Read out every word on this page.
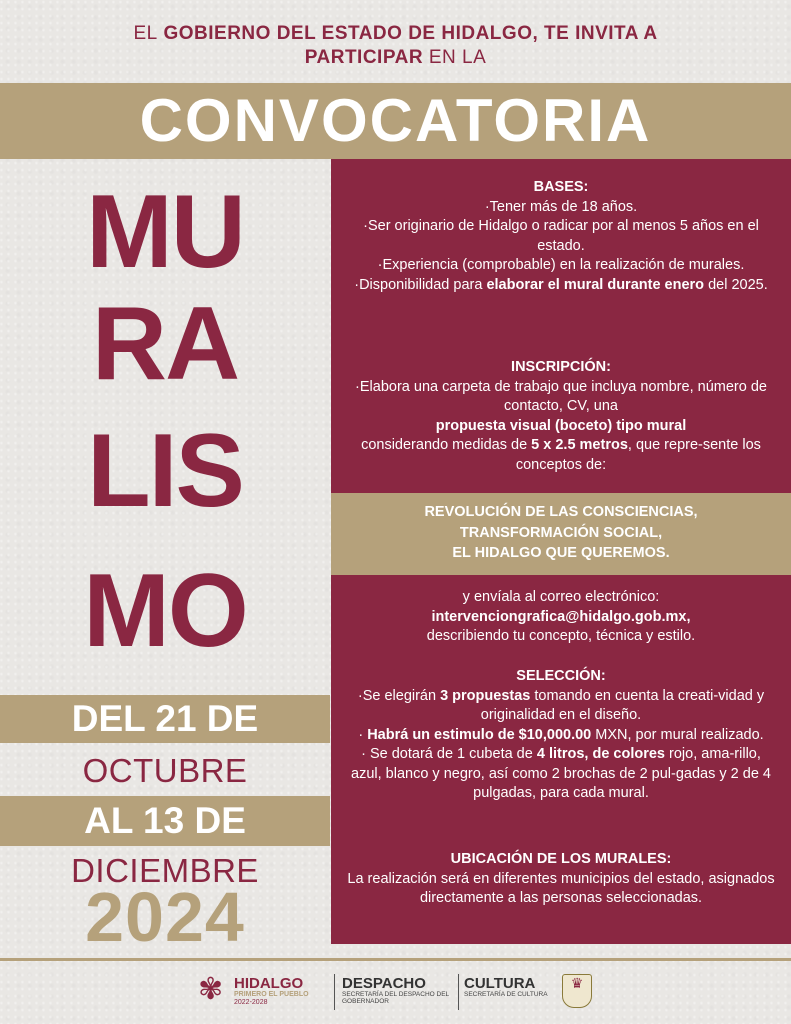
EL GOBIERNO DEL ESTADO DE HIDALGO, TE INVITA A
PARTICIPAR EN LA
CONVOCATORIA
MU
RA
LIS
MO
DEL 21 DE
OCTUBRE
AL 13 DE
DICIEMBRE
2024
BASES:
·Tener más de 18 años.
·Ser originario de Hidalgo o radicar por al menos 5 años en el estado.
·Experiencia (comprobable) en la realización de murales.
·Disponibilidad para elaborar el mural durante enero del 2025.
INSCRIPCIÓN:
·Elabora una carpeta de trabajo que incluya nombre, número de contacto, CV, una
propuesta visual (boceto) tipo mural
considerando medidas de 5 x 2.5 metros, que repre-sente los conceptos de:
REVOLUCIÓN DE LAS CONSCIENCIAS,
TRANSFORMACIÓN SOCIAL,
EL HIDALGO QUE QUEREMOS.
y envíala al correo electrónico:
intervenciongrafica@hidalgo.gob.mx,
describiendo tu concepto, técnica y estilo.
SELECCIÓN:
·Se elegirán 3 propuestas tomando en cuenta la creati-vidad y originalidad en el diseño.
· Habrá un estimulo de $10,000.00 MXN, por mural realizado.
· Se dotará de 1 cubeta de 4 litros, de colores rojo, ama-rillo, azul, blanco y negro, así como 2 brochas de 2 pul-gadas y 2 de 4 pulgadas, para cada mural.
UBICACIÓN DE LOS MURALES:
La realización será en diferentes municipios del estado, asignados directamente a las personas seleccionadas.
✾ HIDALGO
PRIMERO EL PUEBLO
2022-2028
DESPACHO
SECRETARÍA DEL DESPACHO DEL GOBERNADOR
CULTURA
SECRETARÍA DE CULTURA
♛
